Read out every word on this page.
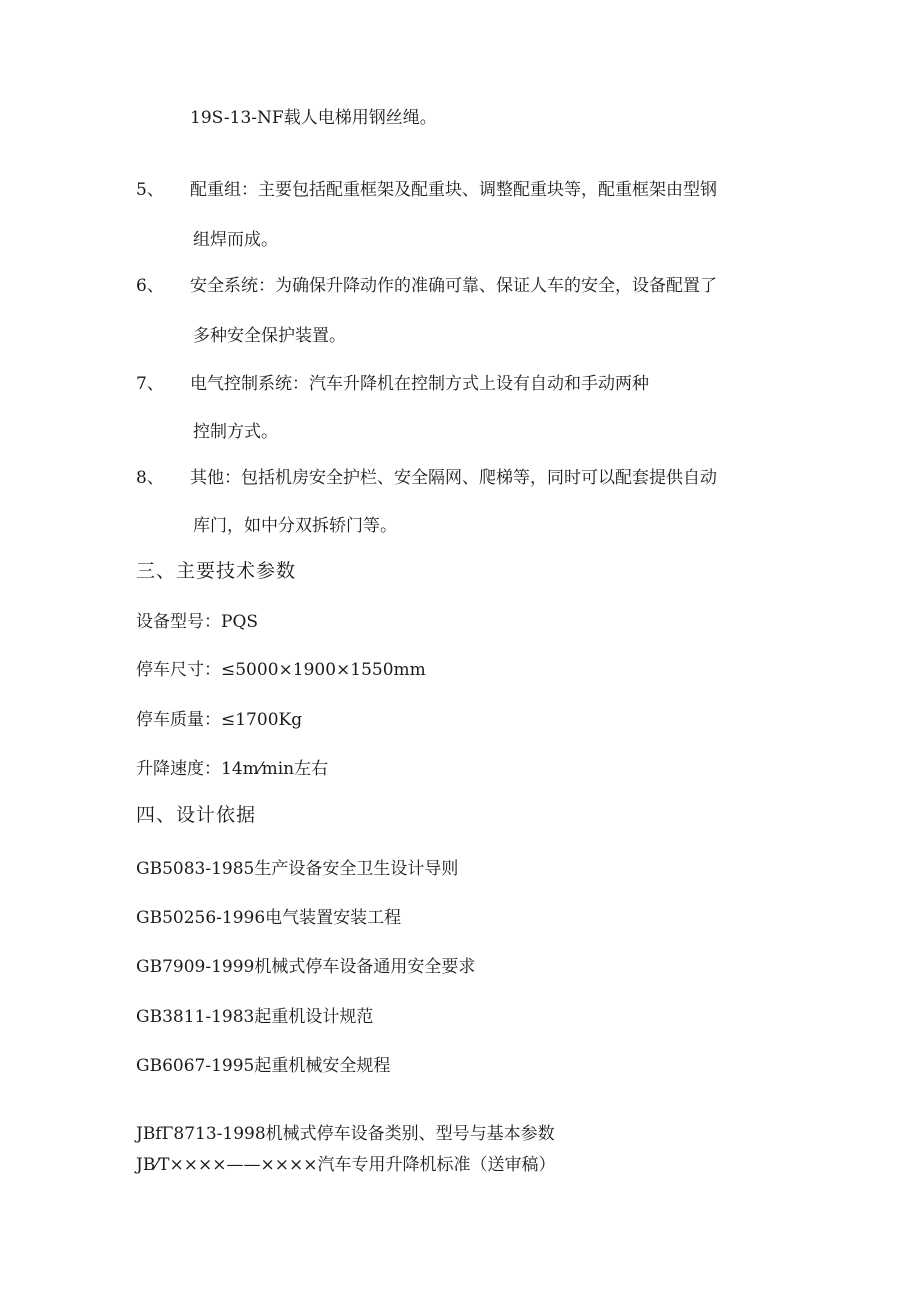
19S-13-NF载人电梯用钢丝绳。
5、 配重组：主要包括配重框架及配重块、调整配重块等，配重框架由型钢
组焊而成。
6、 安全系统：为确保升降动作的准确可靠、保证人车的安全，设备配置了
多种安全保护装置。
7、 电气控制系统：汽车升降机在控制方式上设有自动和手动两种
控制方式。
8、 其他：包括机房安全护栏、安全隔网、爬梯等，同时可以配套提供自动
库门，如中分双拆轿门等。
三、主要技术参数
设备型号：PQS
停车尺寸：≤5000×1900×1550mm
停车质量：≤1700Kg
升降速度：14m⁄min左右
四、设计依据
GB5083-1985生产设备安全卫生设计导则
GB50256-1996电气装置安装工程
GB7909-1999机械式停车设备通用安全要求
GB3811-1983起重机设计规范
GB6067-1995起重机械安全规程
JBfΓ8713-1998机械式停车设备类别、型号与基本参数
JB⁄T××××——××××汽车专用升降机标准（送审稿）
